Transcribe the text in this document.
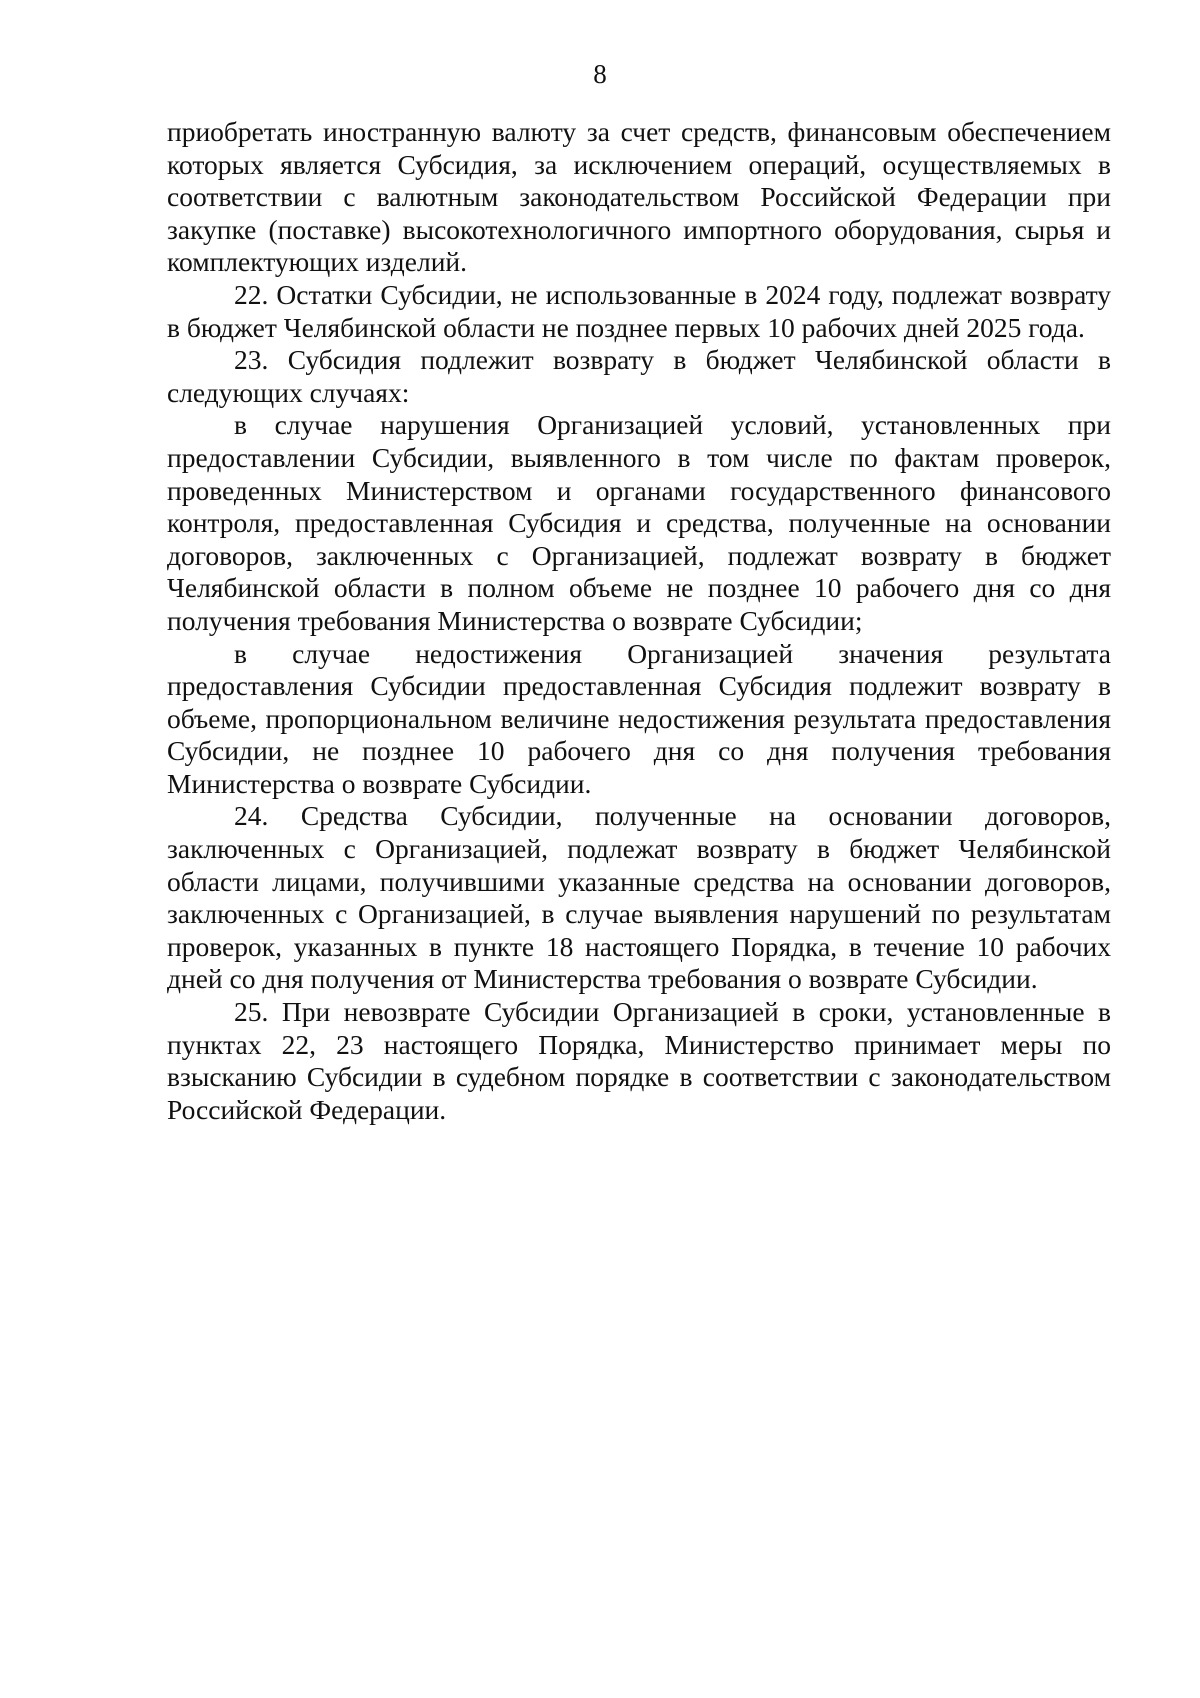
8

приобретать иностранную валюту за счет средств, финансовым обеспечением которых является Субсидия, за исключением операций, осуществляемых в соответствии с валютным законодательством Российской Федерации при закупке (поставке) высокотехнологичного импортного оборудования, сырья и комплектующих изделий.

22. Остатки Субсидии, не использованные в 2024 году, подлежат возврату в бюджет Челябинской области не позднее первых 10 рабочих дней 2025 года.

23. Субсидия подлежит возврату в бюджет Челябинской области в следующих случаях:

в случае нарушения Организацией условий, установленных при предоставлении Субсидии, выявленного в том числе по фактам проверок, проведенных Министерством и органами государственного финансового контроля, предоставленная Субсидия и средства, полученные на основании договоров, заключенных с Организацией, подлежат возврату в бюджет Челябинской области в полном объеме не позднее 10 рабочего дня со дня получения требования Министерства о возврате Субсидии;

в случае недостижения Организацией значения результата предоставления Субсидии предоставленная Субсидия подлежит возврату в объеме, пропорциональном величине недостижения результата предоставления Субсидии, не позднее 10 рабочего дня со дня получения требования Министерства о возврате Субсидии.

24. Средства Субсидии, полученные на основании договоров, заключенных с Организацией, подлежат возврату в бюджет Челябинской области лицами, получившими указанные средства на основании договоров, заключенных с Организацией, в случае выявления нарушений по результатам проверок, указанных в пункте 18 настоящего Порядка, в течение 10 рабочих дней со дня получения от Министерства требования о возврате Субсидии.

25. При невозврате Субсидии Организацией в сроки, установленные в пунктах 22, 23 настоящего Порядка, Министерство принимает меры по взысканию Субсидии в судебном порядке в соответствии с законодательством Российской Федерации.
